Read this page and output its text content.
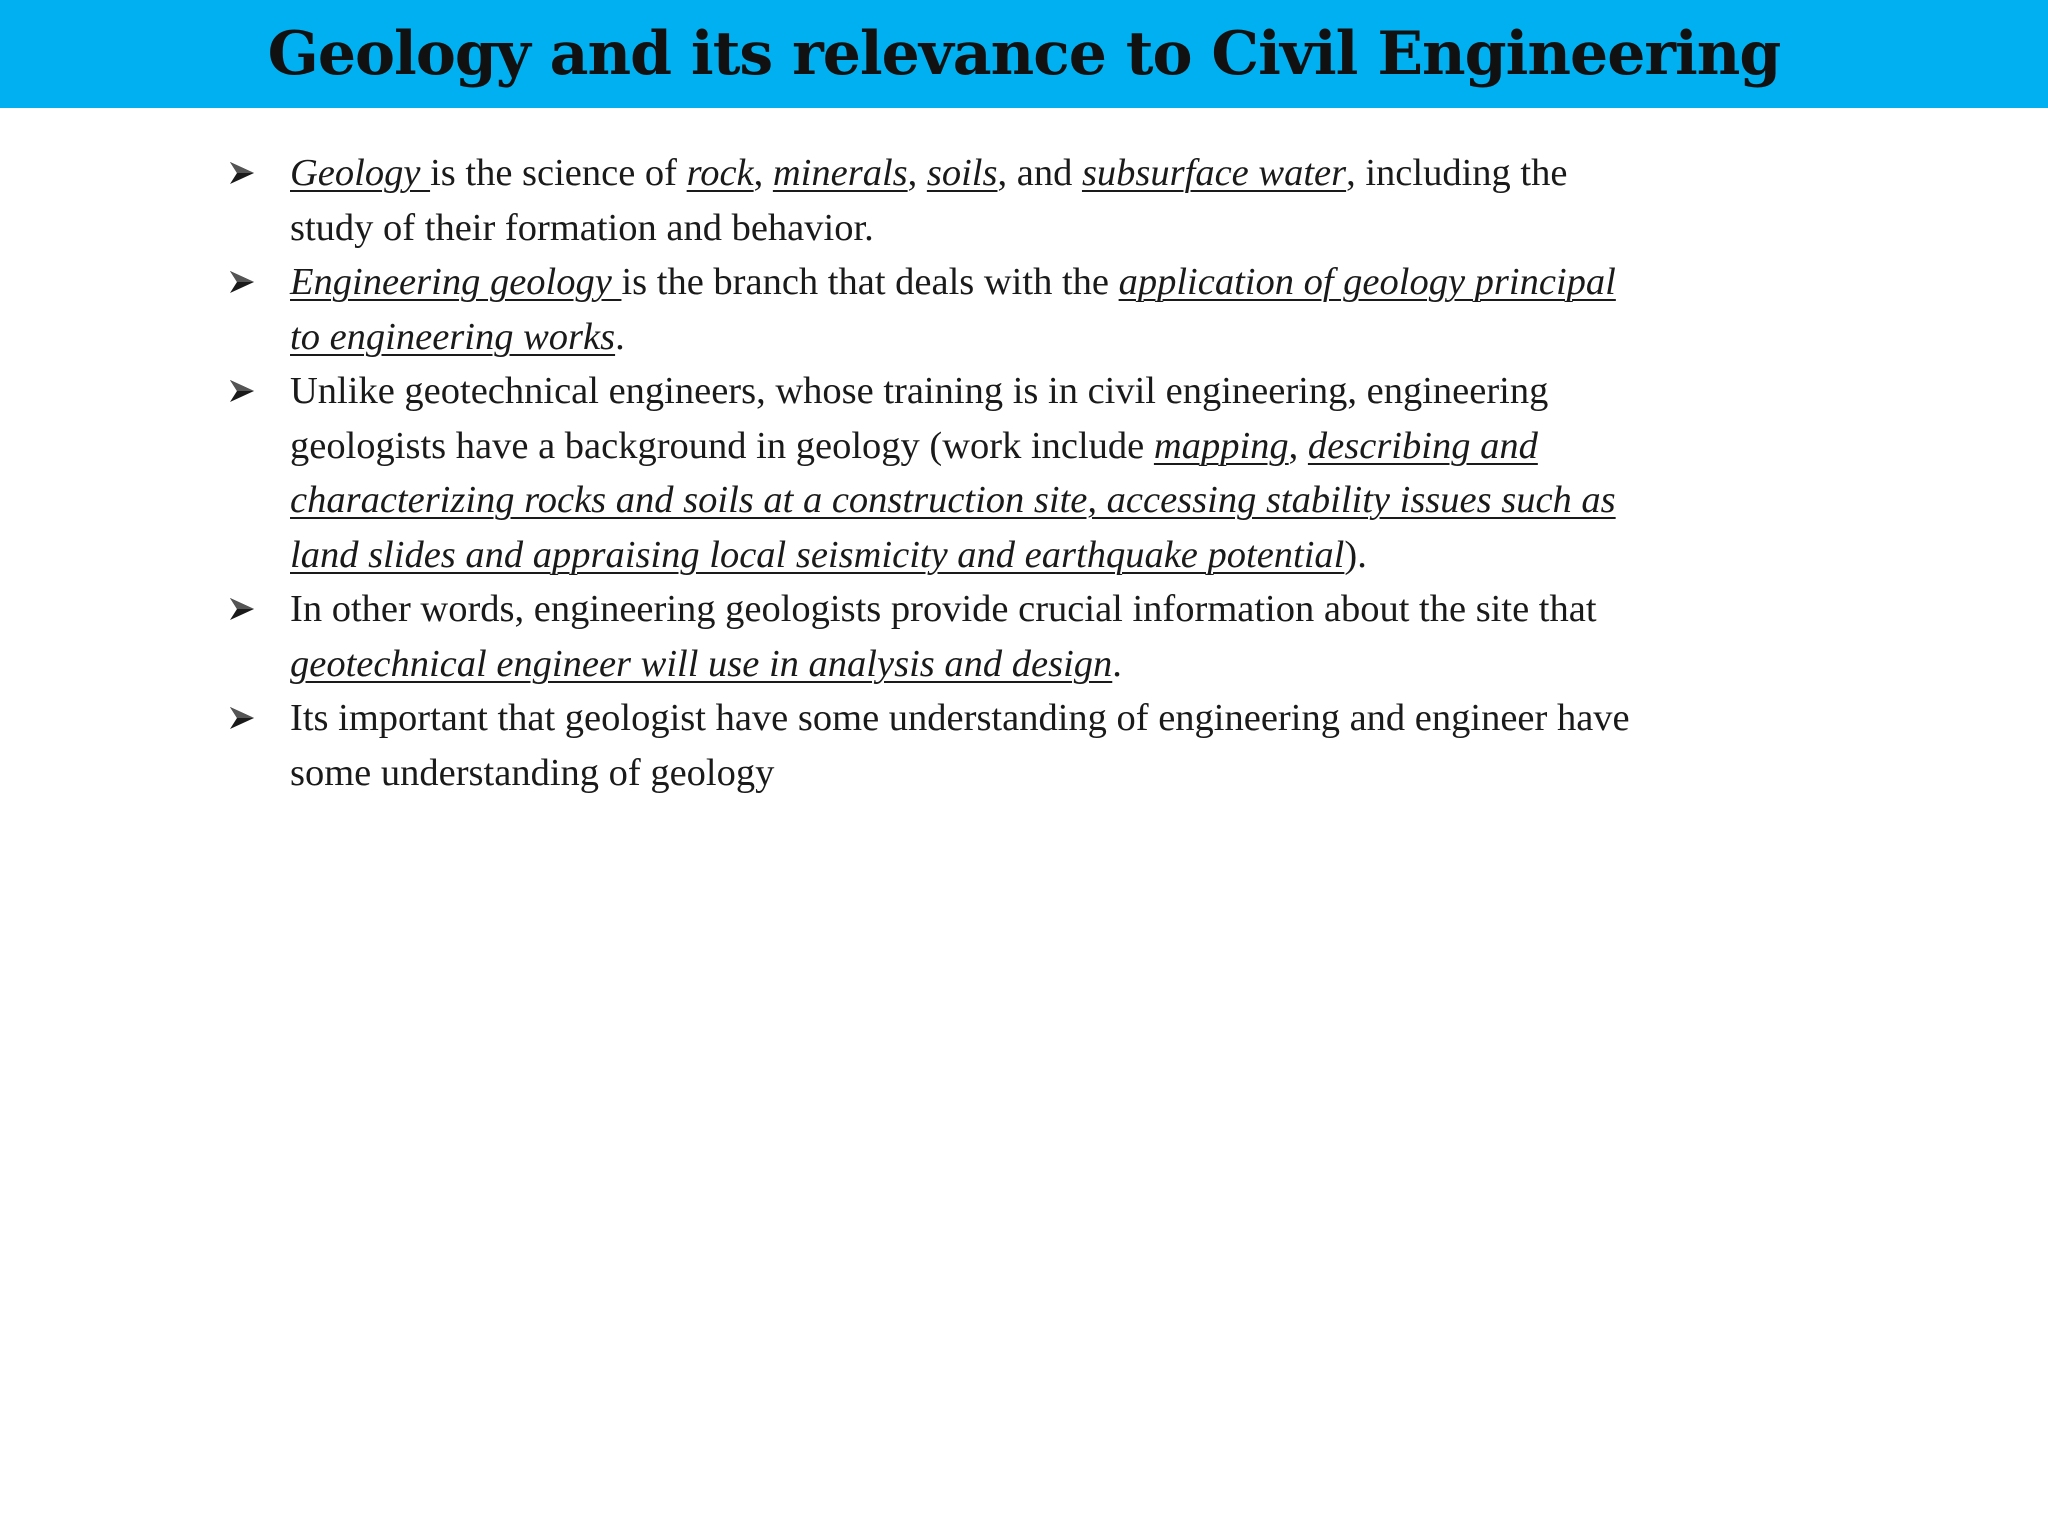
Geology and its relevance to Civil Engineering
Geology is the science of rock, minerals, soils, and subsurface water, including the study of their formation and behavior.
Engineering geology is the branch that deals with the application of geology principal to engineering works.
Unlike geotechnical engineers, whose training is in civil engineering, engineering geologists have a background in geology (work include mapping, describing and characterizing rocks and soils at a construction site, accessing stability issues such as land slides and appraising local seismicity and earthquake potential).
In other words, engineering geologists provide crucial information about the site that geotechnical engineer will use in analysis and design.
Its important that geologist have some understanding of engineering and engineer have some understanding of geology
